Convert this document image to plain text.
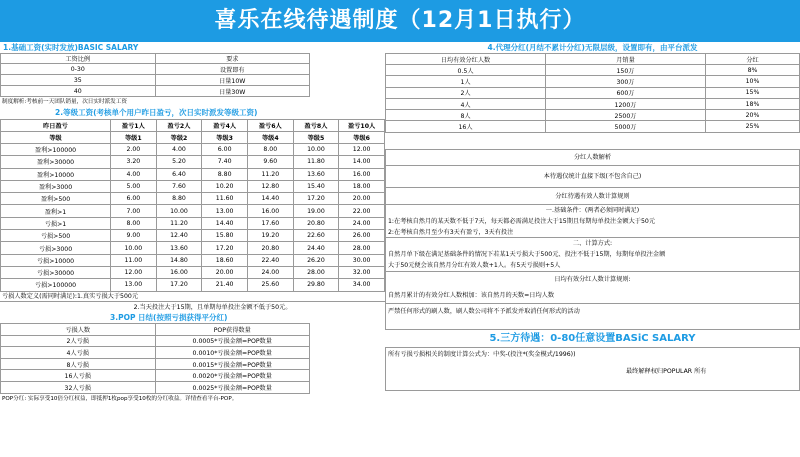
喜乐在线待遇制度（12月1日执行）
1.基础工资(实时发放)BASIC SALARY
工资比例	要求
0-30	设置即有
35	日量10W
40	日量30W
制度解析:考核前一天团队销量，次日实时派发工资
2.等级工资(考核单个用户昨日盈亏，次日实时派发等级工资)
昨日盈亏	盈亏1人	盈亏2人	盈亏4人	盈亏6人	盈亏8人	盈亏10人
等级	等级1	等级2	等级3	等级4	等级5	等级6
盈利>100000	2.00	4.00	6.00	8.00	10.00	12.00
盈利>30000	3.20	5.20	7.40	9.60	11.80	14.00
盈利>10000	4.00	6.40	8.80	11.20	13.60	16.00
盈利>3000	5.00	7.60	10.20	12.80	15.40	18.00
盈利>500	6.00	8.80	11.60	14.40	17.20	20.00
盈利>1	7.00	10.00	13.00	16.00	19.00	22.00
亏损>1	8.00	11.20	14.40	17.60	20.80	24.00
亏损>500	9.00	12.40	15.80	19.20	22.60	26.00
亏损>3000	10.00	13.60	17.20	20.80	24.40	28.00
亏损>10000	11.00	14.80	18.60	22.40	26.20	30.00
亏损>30000	12.00	16.00	20.00	24.00	28.00	32.00
亏损>100000	13.00	17.20	21.40	25.60	29.80	34.00
亏损人数定义(需同时满足):1.真实亏损大于500元
2.当天投注大于15期，且单期每单投注金额不低于50元。
3.POP 日结(按照亏损获得平分红)
亏损人数	POP获得数量
2人亏损	0.0005*亏损金额=POP数量
4人亏损	0.0010*亏损金额=POP数量
8人亏损	0.0015*亏损金额=POP数量
16人亏损	0.0020*亏损金额=POP数量
32人亏损	0.0025*亏损金额=POP数量
POP分红: 实际享受10倍分红权益，即抵押1枚pop享受10枚的分红收益。详情查看平台-POP。
4.代理分红(月结不累计分红)无限层级，设置即有，由平台派发
日均有效分红人数	月销量	分红
0.5人	150万	8%
1人	300万	10%
2人	600万	15%
4人	1200万	18%
8人	2500万	20%
16人	5000万	25%
分红人数解析
本待遇仅统计直接下级(不包含自己)
分红待遇有效人数计算规则
一.基础条件：(两者必须同时满足)
1:在考核自然月的某天数不低于7天，每天都必需满足投注大于15期且每期每单投注金额大于50元
2:在考核自然月至少有3天有盈亏，3天有投注
二、计算方式:
自然月单下级在满足基础条件的情况下若某1天亏损大于500元、投注不低于15期，每期每单投注金额
大于50元便会该自然月分红有效人数+1人。有5天亏损则+5人
日均有效分红人数计算规则:
自然月累计的有效分红人数相加：该自然月的天数=日均人数
严禁任何形式的刷人数，刷人数公司将不予派发并取消任何形式的活动
5.三方待遇：0-80任意设置BASiC SALARY
所有亏损亏损相关的制度计算公式为：中奖-(投注*(奖金模式/1996))
最终解释权归POPULAR 所有
